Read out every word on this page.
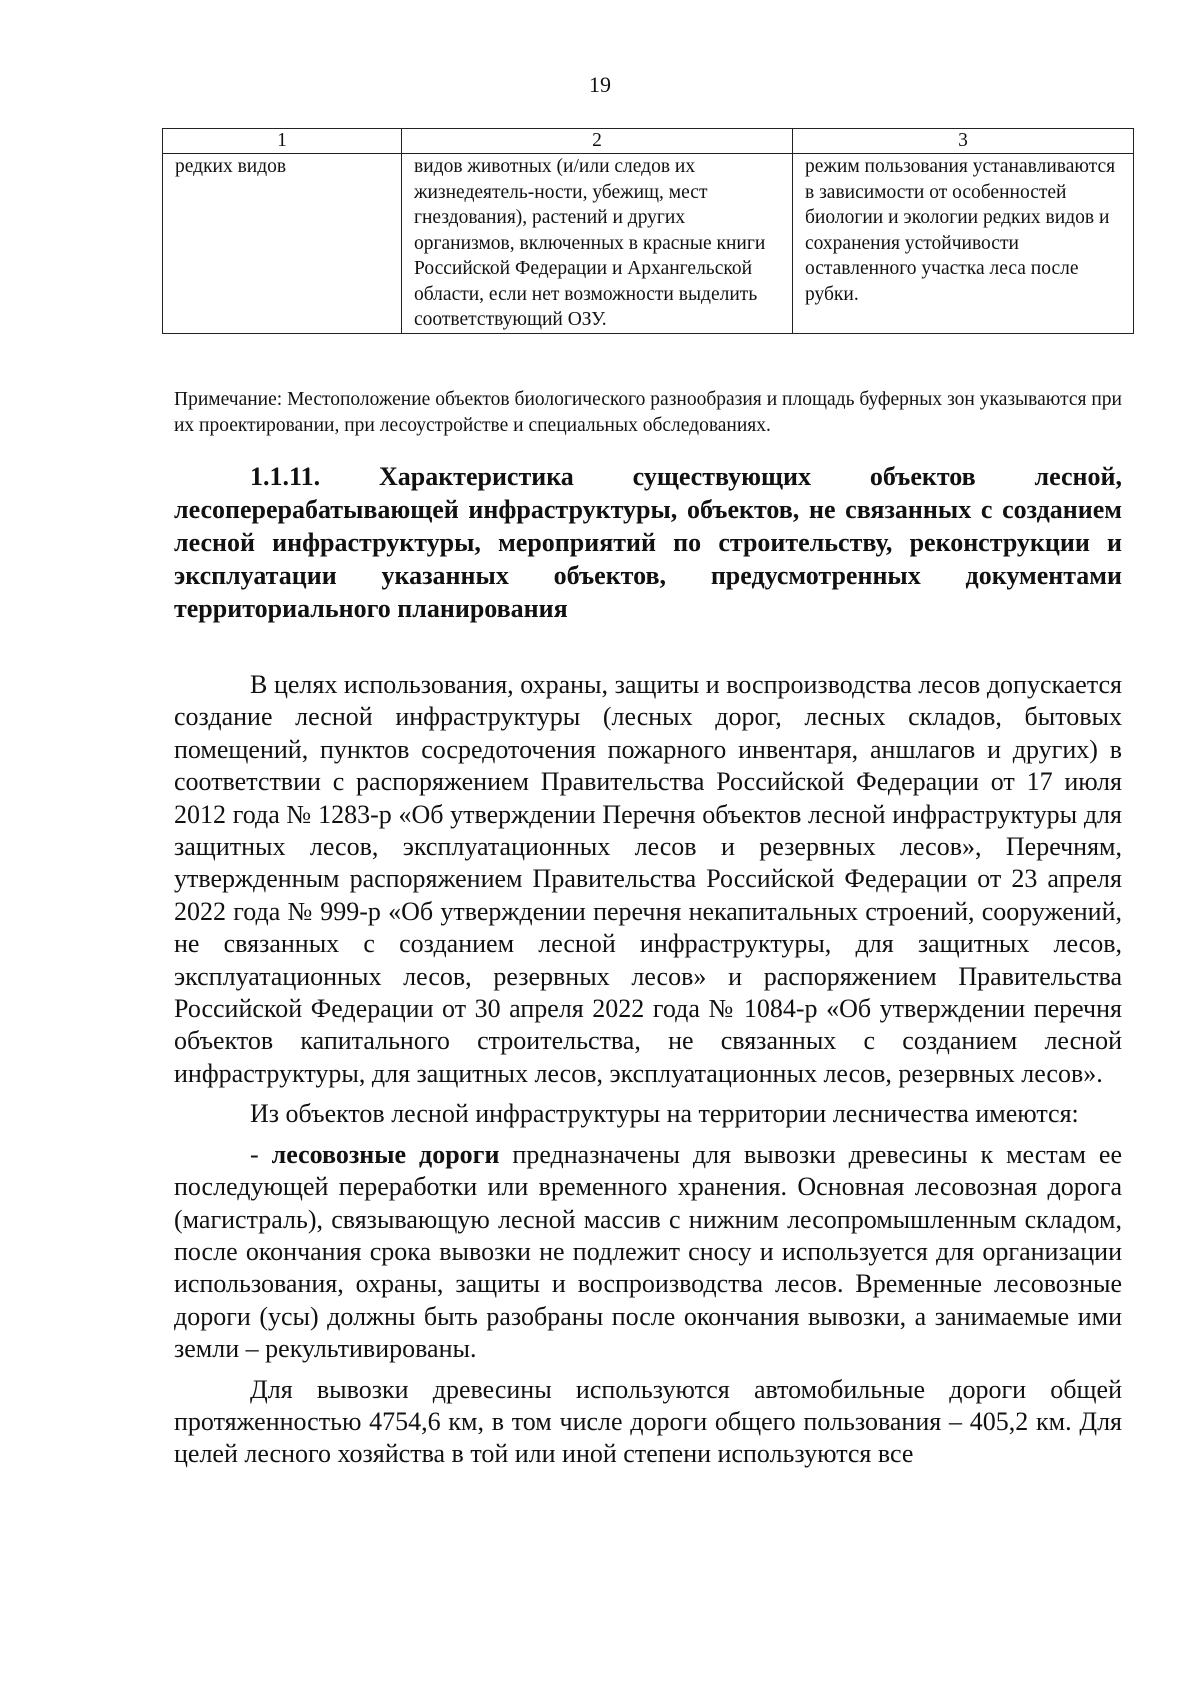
19
1	2	3
редких видов	видов животных (и/или следов их жизнедеятель-ности, убежищ, мест гнездования), растений и других организмов, включенных в красные книги Российской Федерации и Архангельской области, если нет возможности выделить соответствующий ОЗУ.	режим пользования устанавливаются в зависимости от особенностей биологии и экологии редких видов и сохранения устойчивости оставленного участка леса после рубки.
Примечание: Местоположение объектов биологического разнообразия и площадь буферных зон указываются при их проектировании, при лесоустройстве и специальных обследованиях.
1.1.11. Характеристика существующих объектов лесной, лесоперерабатывающей инфраструктуры, объектов, не связанных с созданием лесной инфраструктуры, мероприятий по строительству, реконструкции и эксплуатации указанных объектов, предусмотренных документами территориального планирования

В целях использования, охраны, защиты и воспроизводства лесов допускается создание лесной инфраструктуры (лесных дорог, лесных складов, бытовых помещений, пунктов сосредоточения пожарного инвентаря, аншлагов и других) в соответствии с распоряжением Правительства Российской Федерации от 17 июля 2012 года № 1283-р «Об утверждении Перечня объектов лесной инфраструктуры для защитных лесов, эксплуатационных лесов и резервных лесов», Перечням, утвержденным распоряжением Правительства Российской Федерации от 23 апреля 2022 года № 999-р «Об утверждении перечня некапитальных строений, сооружений, не связанных с созданием лесной инфраструктуры, для защитных лесов, эксплуатационных лесов, резервных лесов» и распоряжением Правительства Российской Федерации от 30 апреля 2022 года № 1084-р «Об утверждении перечня объектов капитального строительства, не связанных с созданием лесной инфраструктуры, для защитных лесов, эксплуатационных лесов, резервных лесов».

Из объектов лесной инфраструктуры на территории лесничества имеются:

- лесовозные дороги предназначены для вывозки древесины к местам ее последующей переработки или временного хранения. Основная лесовозная дорога (магистраль), связывающую лесной массив с нижним лесопромышленным складом, после окончания срока вывозки не подлежит сносу и используется для организации использования, охраны, защиты и воспроизводства лесов. Временные лесовозные дороги (усы) должны быть разобраны после окончания вывозки, а занимаемые ими земли – рекультивированы.

Для вывозки древесины используются автомобильные дороги общей протяженностью 4754,6 км, в том числе дороги общего пользования – 405,2 км. Для целей лесного хозяйства в той или иной степени используются все
